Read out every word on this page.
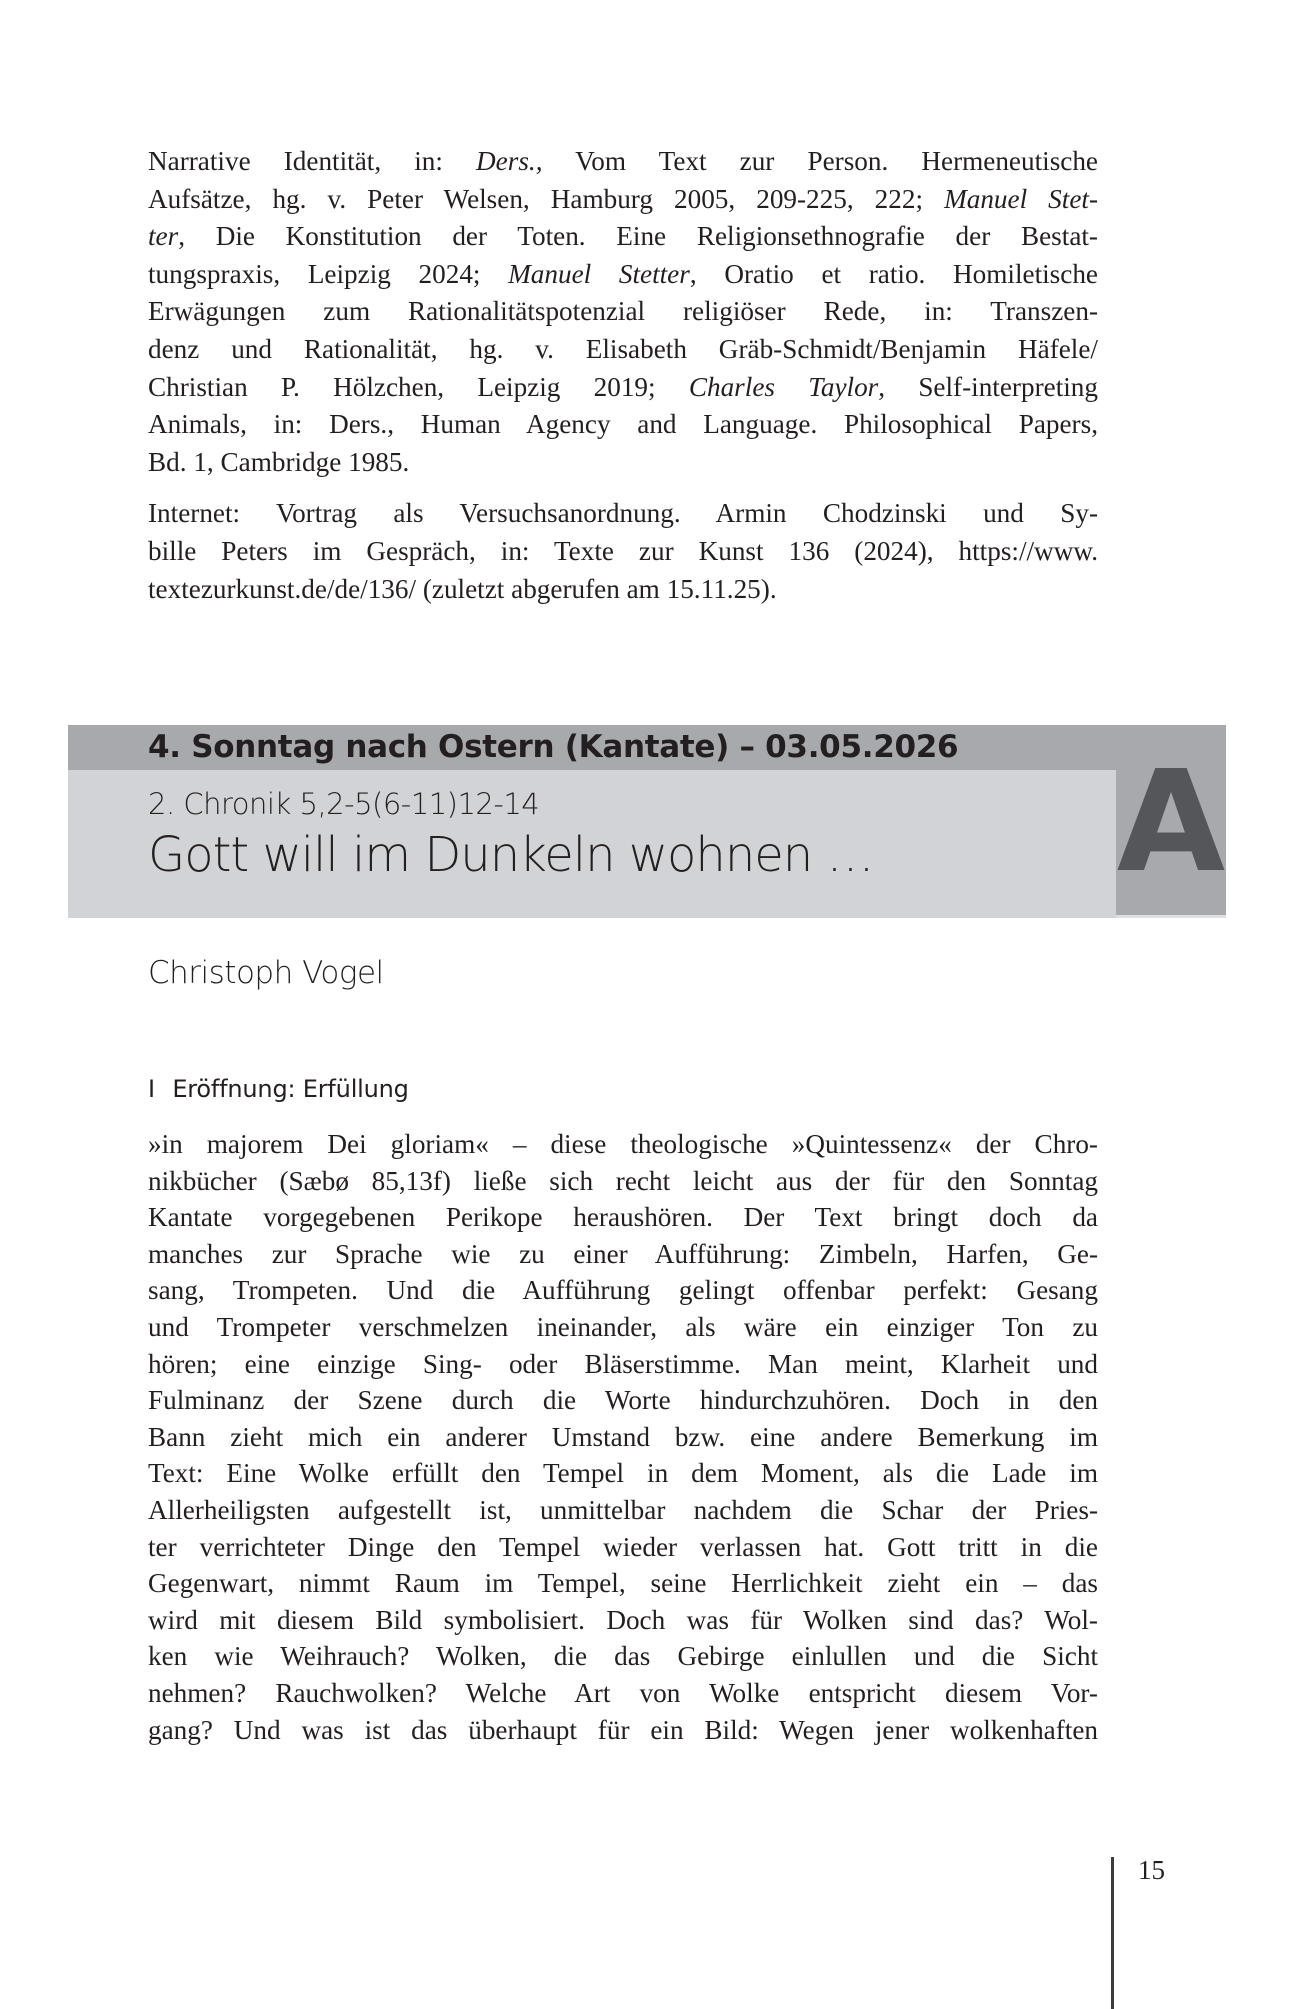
Narrative Identität, in: Ders., Vom Text zur Person. Hermeneutische
Aufsätze, hg. v. Peter Welsen, Hamburg 2005, 209-225, 222; Manuel Stet-
ter, Die Konstitution der Toten. Eine Religionsethnografie der Bestat-
tungspraxis, Leipzig 2024; Manuel Stetter, Oratio et ratio. Homiletische
Erwägungen zum Rationalitätspotenzial religiöser Rede, in: Transzen-
denz und Rationalität, hg. v. Elisabeth Gräb-Schmidt/Benjamin Häfele/
Christian P. Hölzchen, Leipzig 2019; Charles Taylor, Self-interpreting
Animals, in: Ders., Human Agency and Language. Philosophical Papers,
Bd. 1, Cambridge 1985.

Internet: Vortrag als Versuchsanordnung. Armin Chodzinski und Sy-
bille Peters im Gespräch, in: Texte zur Kunst 136 (2024), https://www.
textezurkunst.de/de/136/ (zuletzt abgerufen am 15.11.25).

4. Sonntag nach Ostern (Kantate) – 03.05.2026
2. Chronik 5,2-5(6-11)12-14
Gott will im Dunkeln wohnen … A
Christoph Vogel
I Eröffnung: Erfüllung
»in majorem Dei gloriam« – diese theologische »Quintessenz« der Chro-
nikbücher (Sæbø 85,13f) ließe sich recht leicht aus der für den Sonntag
Kantate vorgegebenen Perikope heraushören. Der Text bringt doch da
manches zur Sprache wie zu einer Aufführung: Zimbeln, Harfen, Ge-
sang, Trompeten. Und die Aufführung gelingt offenbar perfekt: Gesang
und Trompeter verschmelzen ineinander, als wäre ein einziger Ton zu
hören; eine einzige Sing- oder Bläserstimme. Man meint, Klarheit und
Fulminanz der Szene durch die Worte hindurchzuhören. Doch in den
Bann zieht mich ein anderer Umstand bzw. eine andere Bemerkung im
Text: Eine Wolke erfüllt den Tempel in dem Moment, als die Lade im
Allerheiligsten aufgestellt ist, unmittelbar nachdem die Schar der Pries-
ter verrichteter Dinge den Tempel wieder verlassen hat. Gott tritt in die
Gegenwart, nimmt Raum im Tempel, seine Herrlichkeit zieht ein – das
wird mit diesem Bild symbolisiert. Doch was für Wolken sind das? Wol-
ken wie Weihrauch? Wolken, die das Gebirge einlullen und die Sicht
nehmen? Rauchwolken? Welche Art von Wolke entspricht diesem Vor-
gang? Und was ist das überhaupt für ein Bild: Wegen jener wolkenhaften
15
